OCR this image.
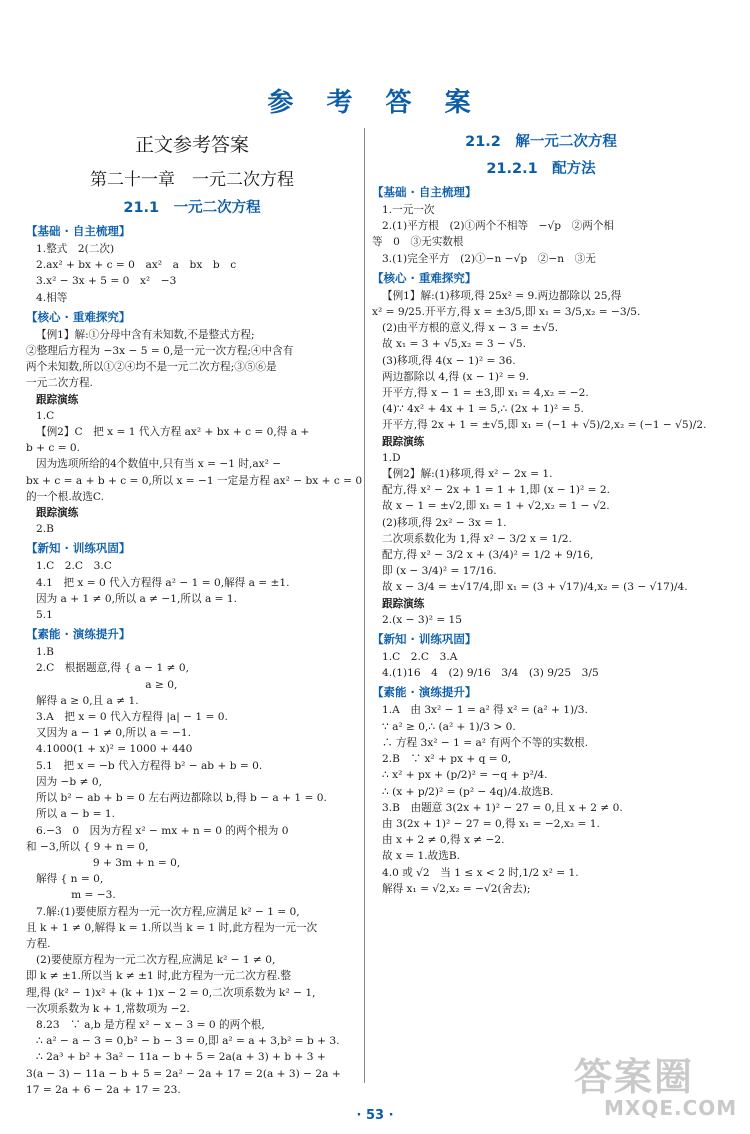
参 考 答 案
正文参考答案
第二十一章　一元二次方程
21.1　一元二次方程
【基础 · 自主梳理】
1.整式　2(二次)
2.ax² + bx + c = 0　ax²　a　bx　b　c
3.x² − 3x + 5 = 0　x²　−3
4.相等
【核心 · 重难探究】
【例1】解:①分母中含有未知数,不是整式方程;
②整理后方程为 −3x − 5 = 0,是一元一次方程;④中含有
两个未知数,所以①②④均不是一元二次方程;③⑤⑥是
一元二次方程.
跟踪演练
1.C
【例2】C　把 x = 1 代入方程 ax² + bx + c = 0,得 a +
b + c = 0.
因为选项所给的4个数值中,只有当 x = −1 时,ax² −
bx + c = a + b + c = 0,所以 x = −1 一定是方程 ax² − bx + c = 0
的一个根.故选C.
跟踪演练
2.B
【新知 · 训练巩固】
1.C　2.C　3.C
4.1　把 x = 0 代入方程得 a² − 1 = 0,解得 a = ±1.
因为 a + 1 ≠ 0,所以 a ≠ −1,所以 a = 1.
5.1
【素能 · 演练提升】
1.B
2.C　根据题意,得 { a − 1 ≠ 0,
　　　　　　　　　　 a ≥ 0,
解得 a ≥ 0,且 a ≠ 1.
3.A　把 x = 0 代入方程得 |a| − 1 = 0.
又因为 a − 1 ≠ 0,所以 a = −1.
4.1000(1 + x)² = 1000 + 440
5.1　把 x = −b 代入方程得 b² − ab + b = 0.
因为 −b ≠ 0,
所以 b² − ab + b = 0 左右两边都除以 b,得 b − a + 1 = 0.
所以 a − b = 1.
6.−3　0　因为方程 x² − mx + n = 0 的两个根为 0
和 −3,所以 { 9 + n = 0,
　　　　　　 9 + 3m + n = 0,
解得 { n = 0,
　　　 m = −3.
7.解:(1)要使原方程为一元一次方程,应满足 k² − 1 = 0,
且 k + 1 ≠ 0,解得 k = 1.所以当 k = 1 时,此方程为一元一次
方程.
(2)要使原方程为一元二次方程,应满足 k² − 1 ≠ 0,
即 k ≠ ±1.所以当 k ≠ ±1 时,此方程为一元二次方程.整
理,得 (k² − 1)x² + (k + 1)x − 2 = 0,二次项系数为 k² − 1,
一次项系数为 k + 1,常数项为 −2.
8.23　∵ a,b 是方程 x² − x − 3 = 0 的两个根,
∴ a² − a − 3 = 0,b² − b − 3 = 0,即 a² = a + 3,b² = b + 3.
∴ 2a³ + b² + 3a² − 11a − b + 5 = 2a(a + 3) + b + 3 +
3(a − 3) − 11a − b + 5 = 2a² − 2a + 17 = 2(a + 3) − 2a +
17 = 2a + 6 − 2a + 17 = 23.
21.2　解一元二次方程
21.2.1　配方法
【基础 · 自主梳理】
1.一元一次
2.(1)平方根　(2)①两个不相等　−√p　②两个相
等　0　③无实数根
3.(1)完全平方　(2)①−n −√p　②−n　③无
【核心 · 重难探究】
【例1】解:(1)移项,得 25x² = 9.两边都除以 25,得
x² = 9/25.开平方,得 x = ±3/5,即 x₁ = 3/5,x₂ = −3/5.
(2)由平方根的意义,得 x − 3 = ±√5.
故 x₁ = 3 + √5,x₂ = 3 − √5.
(3)移项,得 4(x − 1)² = 36.
两边都除以 4,得 (x − 1)² = 9.
开平方,得 x − 1 = ±3,即 x₁ = 4,x₂ = −2.
(4)∵ 4x² + 4x + 1 = 5,∴ (2x + 1)² = 5.
开平方,得 2x + 1 = ±√5,即 x₁ = (−1 + √5)/2,x₂ = (−1 − √5)/2.
跟踪演练
1.D
【例2】解:(1)移项,得 x² − 2x = 1.
配方,得 x² − 2x + 1 = 1 + 1,即 (x − 1)² = 2.
故 x − 1 = ±√2,即 x₁ = 1 + √2,x₂ = 1 − √2.
(2)移项,得 2x² − 3x = 1.
二次项系数化为 1,得 x² − 3/2 x = 1/2.
配方,得 x² − 3/2 x + (3/4)² = 1/2 + 9/16,
即 (x − 3/4)² = 17/16.
故 x − 3/4 = ±√17/4,即 x₁ = (3 + √17)/4,x₂ = (3 − √17)/4.
跟踪演练
2.(x − 3)² = 15
【新知 · 训练巩固】
1.C　2.C　3.A
4.(1)16　4　(2) 9/16　3/4　(3) 9/25　3/5
【素能 · 演练提升】
1.A　由 3x² − 1 = a² 得 x² = (a² + 1)/3.
∵ a² ≥ 0,∴ (a² + 1)/3 > 0.
∴ 方程 3x² − 1 = a² 有两个不等的实数根.
2.B　∵ x² + px + q = 0,
∴ x² + px + (p/2)² = −q + p²/4.
∴ (x + p/2)² = (p² − 4q)/4.故选B.
3.B　由题意 3(2x + 1)² − 27 = 0,且 x + 2 ≠ 0.
由 3(2x + 1)² − 27 = 0,得 x₁ = −2,x₂ = 1.
由 x + 2 ≠ 0,得 x ≠ −2.
故 x = 1.故选B.
4.0 或 √2　当 1 ≤ x < 2 时,1/2 x² = 1.
解得 x₁ = √2,x₂ = −√2(舍去);
答案圈
MXQE.COM
· 53 ·
